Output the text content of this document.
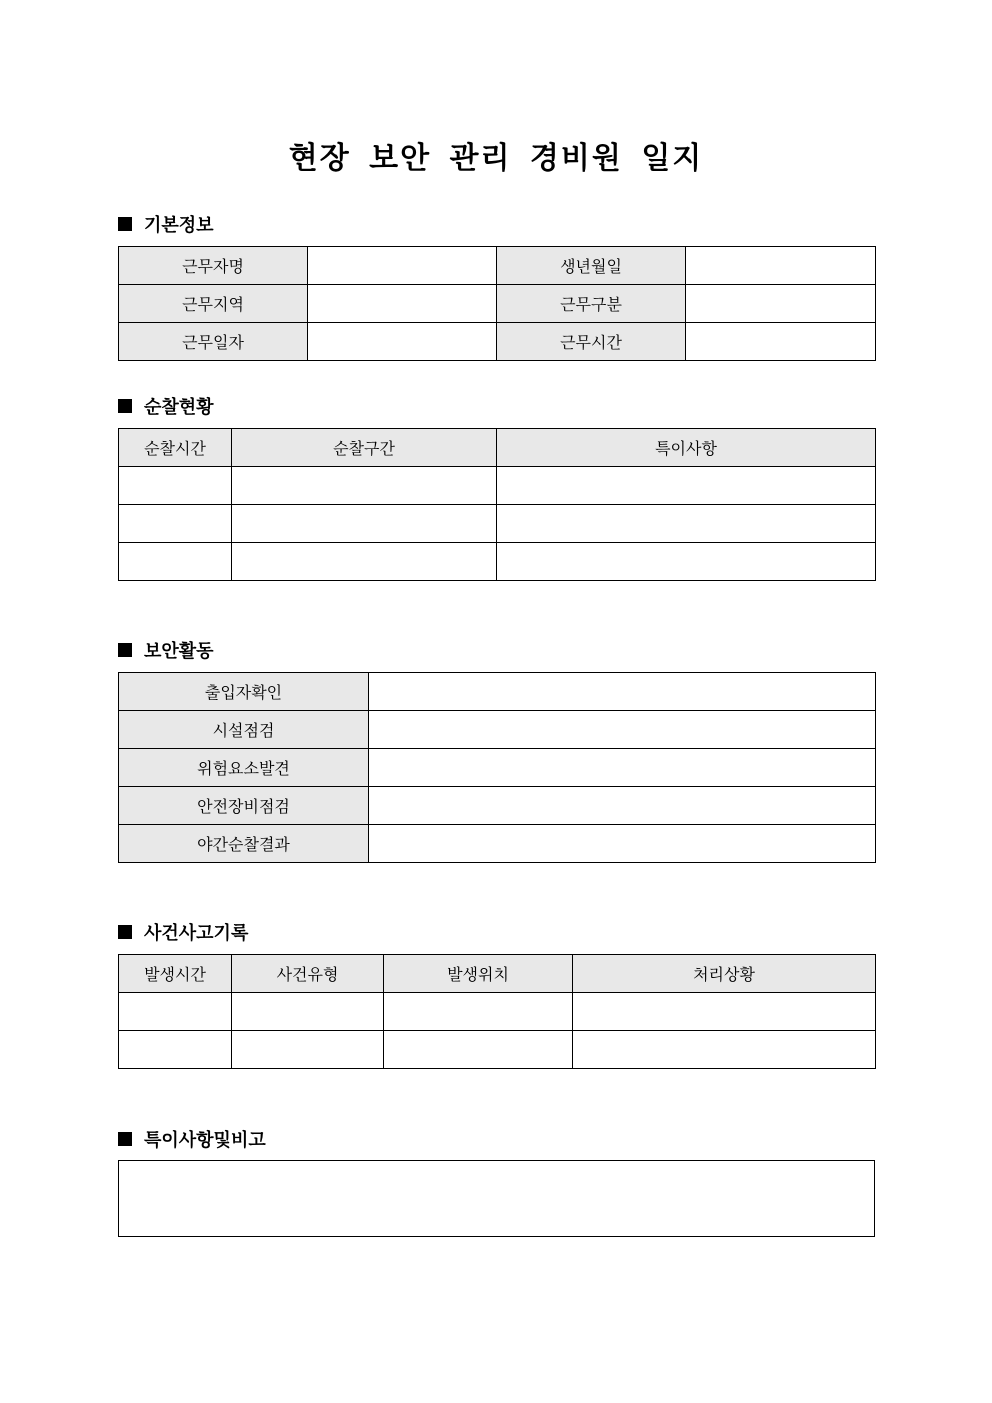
현장 보안 관리 경비원 일지
기본정보
근무자명		생년월일	
근무지역		근무구분	
근무일자		근무시간	
순찰현황
순찰시간	순찰구간	특이사항

보안활동
출입자확인	
시설점검	
위험요소발견	
안전장비점검	
야간순찰결과	
사건사고기록
발생시간	사건유형	발생위치	처리상황

특이사항및비고
